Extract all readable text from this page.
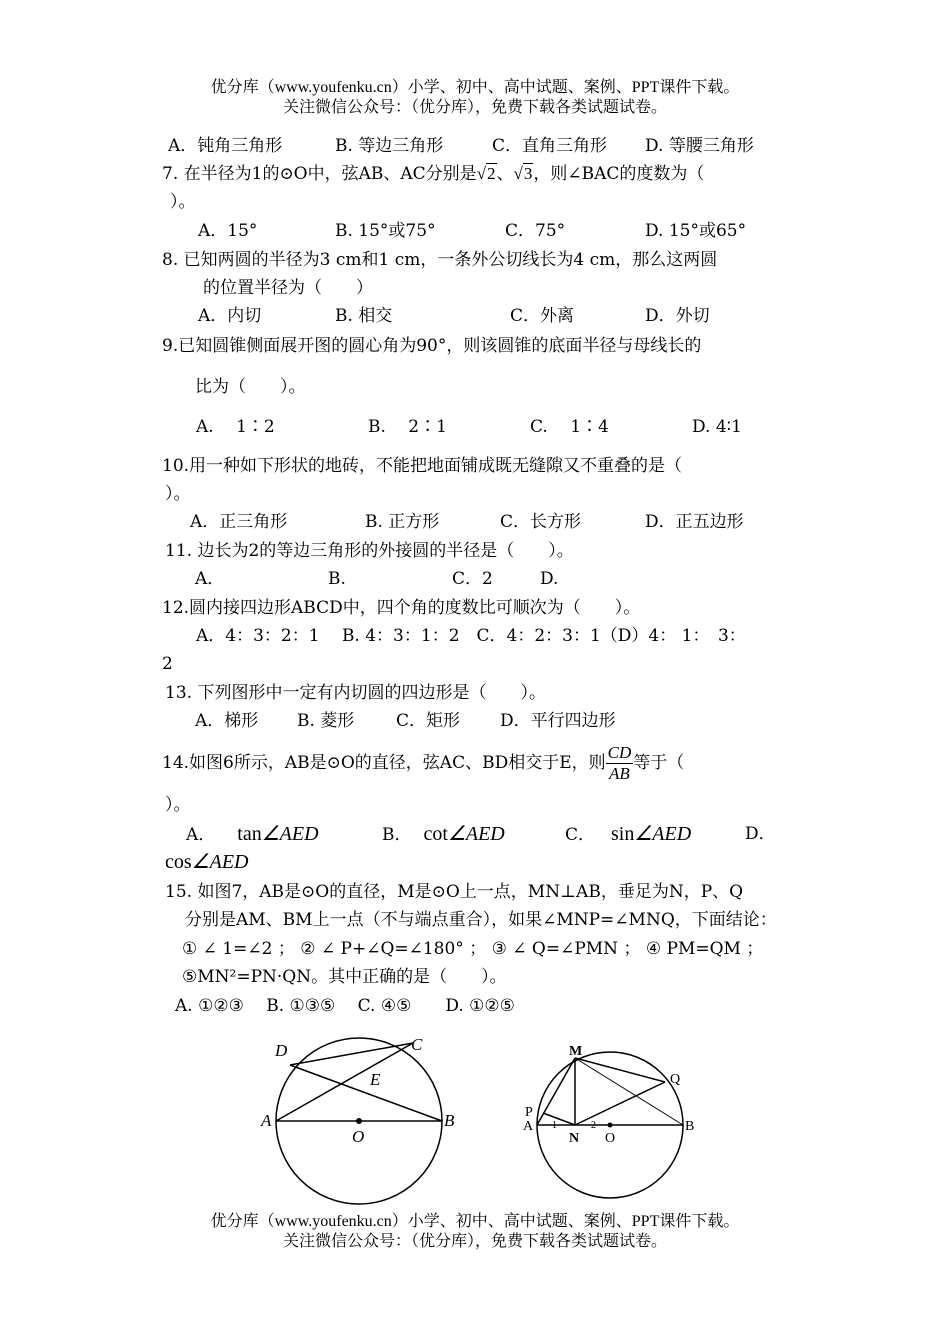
优分库（www.youfenku.cn）小学、初中、高中试题、案例、PPT课件下载。
关注微信公众号：（优分库），免费下载各类试题试卷。
A．钝角三角形	B. 等边三角形	C．直角三角形 D. 等腰三角形
7. 在半径为1的⊙O中，弦AB、AC分别是√2、√3，则∠BAC的度数为（
）。
A．15°	B. 15°或75°	C．75°	D. 15°或65°
8. 已知两圆的半径为3 cm和1 cm，一条外公切线长为4 cm，那么这两圆
的位置半径为（　　）
A．内切	B. 相交	C．外离	D．外切
9.已知圆锥侧面展开图的圆心角为90°，则该圆锥的底面半径与母线长的
比为（　　）。
A.　 1∶2	B.　 2∶1	C.　 1∶4	D. 4∶1
10.用一种如下形状的地砖，不能把地面铺成既无缝隙又不重叠的是（
）。
A．正三角形	B. 正方形	C．长方形	D．正五边形
11. 边长为2的等边三角形的外接圆的半径是（　　）。
A．	B.	C．2	D.
12.圆内接四边形ABCD中，四个角的度数比可顺次为（　　）。
A．4：3：2：1　 B. 4：3：1：2　C．4：2：3：1（D）4： 1：　3：
2
13. 下列图形中一定有内切圆的四边形是（　　）。
A．梯形 B. 菱形 C．矩形 D．平行四边形
14.如图6所示，AB是⊙O的直径，弦AC、BD相交于E，则 $\frac{CD}{AB}$ 等于（
）。
A． tan∠AED	B． cot∠AED	C． sin∠AED	D．
cos∠AED
15. 如图7，AB是⊙O的直径，M是⊙O上一点，MN⊥AB，垂足为N，P、Q
分别是AM、BM上一点（不与端点重合），如果∠MNP=∠MNQ，下面结论：
① ∠ 1=∠2 ； ② ∠ P+∠Q=∠180° ； ③ ∠ Q=∠PMN ； ④ PM=QM ；
⑤MN²=PN·QN。其中正确的是（　　）。
A. ①②③　 B. ①③⑤　 C. ④⑤　　D. ①②⑤
D	C
E
A	B
O
M
Q
P
A 1	2
N O
B
优分库（www.youfenku.cn）小学、初中、高中试题、案例、PPT课件下载。
关注微信公众号：（优分库），免费下载各类试题试卷。
